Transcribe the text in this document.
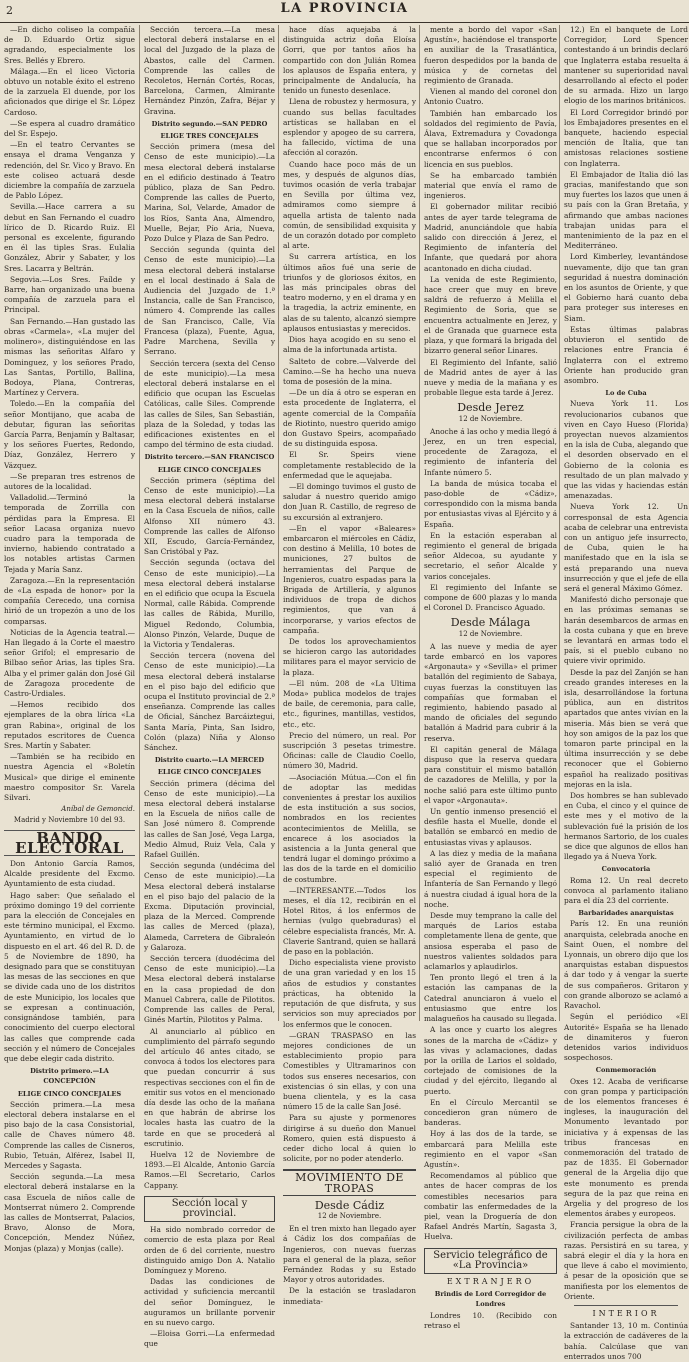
2	LA PROVINCIA

—En dicho coliseo la compañía de D. Eduardo Ortiz sigue agradando, especialmente los Sres. Bellés y Ebrero.

Málaga.—En el liceo Victoria obtuvo un notable éxito el estreno de la zarzuela El duende, por los aficionados que dirige el Sr. López Cardoso.

—Se espera al cuadro dramático del Sr. Espejo.

—En el teatro Cervantes se ensaya el drama Venganza y redención, del Sr. Vico y Bravo. En este coliseo actuará desde diciembre la compañía de zarzuela de Pablo López.

Sevilla.—Hace carrera a su debut en San Fernando el cuadro lírico de D. Ricardo Ruiz. El personal es excelente, figurando en él las tiples Sras. Eulalia González, Abrir y Sabater, y los Sres. Lacarra y Beltrán.

Segovia.—Los Sres. Faílde y Barre, han organizado una buena compañía de zarzuela para el Principal.

San Fernando.—Han gustado las obras «Carmela», «La mujer del molinero», distinguiéndose en las mismas las señoritas Alfaro y Dominguez, y los señores Prado, Las Santas, Portillo, Ballina, Bodoya, Plana, Contreras, Martínez y Cervera.

Toledo.—En la compañía del señor Montijano, que acaba de debutar, figuran las señoritas García Parra, Benjamín y Baltasar, y los señores Fuertes, Redondo, Díaz, González, Herrero y Vázquez.

—Se preparan tres estrenos de autores de la localidad.

Valladolid.—Terminó la temporada de Zorrilla con pérdidas para la Empresa. El señor Lacasa organiza nuevo cuadro para la temporada de invierno, habiendo contratado a los notables artistas Carmen Tejada y María Sanz.

Zaragoza.—En la representación de «La espada de honor» por la compañía Cerecedo, una cornisa hirió de un tropezón a uno de los comparsas.

Noticias de la Agencia teatral.—Han llegado á la Corte el maestro señor Grifol; el empresario de Bilbao señor Arias, las tiples Sra. Alba y el primer galán don José Gil de Zaragoza procedente de Castro-Urdiales.

—Hemos recibido dos ejemplares de la obra lírica «La gran Rabina», original de los reputados escritores de Cuenca Sres. Martín y Sabater.

—También se ha recibido en nuestra Agencia el «Boletín Musical» que dirige el eminente maestro compositor Sr. Varela Silvari.

Aníbal de Gemoncid.

Madrid y Noviembre 10 del 93.

BANDO ELECTORAL

Don Antonio García Ramos, Alcalde presidente del Excmo. Ayuntamiento de esta ciudad.

Hago saber: Que señalado el próximo domingo 19 del corriente para la elección de Concejales en este término municipal, el Excmo. Ayuntamiento, en virtud de lo dispuesto en el art. 46 del R. D. de 5 de Noviembre de 1890, ha designado para que se constituyan las mesas de las secciones en que se divide cada uno de los distritos de este Municipio, los locales que se expresan a continuación, consignándose también, para conocimiento del cuerpo electoral las calles que comprende cada sección y el número de Concejales que debe elegir cada distrito.

Distrito primero.—LA CONCEPCIÓN

ELIGE CINCO CONCEJALES

Sección primera.—La mesa electoral debera instalarse en el piso bajo de la casa Consistorial, calle de Chaves número 48. Comprende las calles de Cisneros, Rubio, Tetuán, Alférez, Isabel II, Mercedes y Sagasta.

Sección segunda.—La mesa electoral deberá instalarse en la casa Escuela de niños calle de Montserrat número 2. Comprende las calles de Montserrat, Palacios, Bravo, Alonso de Mora, Concepción, Mendez Núñez, Monjas (plaza) y Monjas (calle).

Sección tercera.—La mesa electoral deberá instalarse en el local del Juzgado de la plaza de Abastos, calle del Carmen. Comprende las calles de Recoletos, Hernán Cortés, Rocas, Barcelona, Carmen, Almirante Hernández Pinzón, Zafra, Béjar y Gravina.

Distrito segundo.—SAN PEDRO

ELIGE TRES CONCEJALES

Sección primera (mesa del Censo de este municipio).—La mesa electoral deberá instalarse en el edificio destinado á Teatro público, plaza de San Pedro. Comprende las calles de Puerto, Marina, Sol, Velarde, Amador de los Ríos, Santa Ana, Almendro, Muelle, Bejar, Pío Aria, Nueva, Pozo Dulce y Plaza de San Pedro.

Sección segunda (quinta del Censo de este municipio).—La mesa electoral deberá instalarse en el local destinado á Sala de Audiencia del Juzgado de 1.ª Instancia, calle de San Francisco, número 4. Comprende las calles de San Francisco, Calle, Vía Francesa (plaza), Fuente, Agua, Padre Marchena, Sevilla y Serrano.

Sección tercera (sexta del Censo de este municipio).—La mesa electoral deberá instalarse en el edificio que ocupan las Escuelas Católicas, calle Siles. Comprende las calles de Siles, San Sebastián, plaza de la Soledad, y todas las edificaciones existentes en el campo del término de esta ciudad.

Distrito tercero.—SAN FRANCISCO

ELIGE CINCO CONCEJALES

Sección primera (séptima del Censo de este municipio).—La mesa electoral deberá instalarse en la Casa Escuela de niños, calle Alfonso XII número 43. Comprende las calles de Alfonso XII, Escudo, García-Fernández, San Cristóbal y Paz.

Sección segunda (octava del Censo de este municipio).—La mesa electoral deberá instalarse en el edificio que ocupa la Escuela Normal, calle Rábida. Comprende las calles de Rábida, Murillo, Miguel Redondo, Columbia, Alonso Pinzón, Velarde, Duque de la Victoria y Tendaleras.

Sección tercera (novena del Censo de este municipio).—La mesa electoral deberá instalarse en el piso bajo del edificio que ocupa el Instituto provincial de 2.ª enseñanza. Comprende las calles de Oficial, Sánchez Barcáiztegui, Santa María, Pinta, San Isidro, Colón (plaza) Niña y Alonso Sánchez.

Distrito cuarto.—LA MERCED

ELIGE CINCO CONCEJALES

Sección primera (décima del Censo de este municipio).—La mesa electoral deberá instalarse en la Escuela de niños calle de San José número 8. Comprende las calles de San José, Vega Larga, Medio Almud, Ruiz Vela, Cala y Rafael Guillén.

Sección segunda (undécima del Censo de este municipio).—La Mesa electoral deberá instalarse en el piso bajo del palacio de la Excma. Diputación provincial, plaza de la Merced. Comprende las calles de Merced (plaza), Alameda, Carretera de Gibraleón y Galaroza.

Sección tercera (duodécima del Censo de este municipio).—La Mesa electoral deberá instalarse en la casa propiedad de don Manuel Cabrera, calle de Pilotitos. Comprende las calles de Peral, Ginés Martín, Pilotitos y Palma.

Al anunciarlo al público en cumplimiento del párrafo segundo del artículo 46 antes citado, se convoca á todos los electores para que puedan concurrir á sus respectivas secciones con el fin de emitir sus votos en el mencionado día desde las ocho de la mañana en que habrán de abrirse los locales hasta las cuatro de la tarde en que se procederá al escrutinio.

Huelva 12 de Noviembre de 1893.—El Alcalde, Antonio García Ramos.—El Secretario, Carlos Cappany.

Sección local y provincial.

Ha sido nombrado corredor de comercio de esta plaza por Real orden de 6 del corriente, nuestro distinguido amigo Don A. Natalio Domínguez y Moreno.

Dadas las condiciones de actividad y suficiencia mercantil del señor Domínguez, le auguramos un brillante porvenir en su nuevo cargo.

—Eloisa Gorri.—La enfermedad que

hace días aquejaba á la distinguida actriz doña Eloísa Gorri, que por tantos años ha compartido con don Julián Romea los aplausos de España entera, y principalmente de Andalucía, ha tenido un funesto desenlace.

Llena de robustez y hermosura, y cuando sus bellas facultades artísticas se hallaban en el esplendor y apogeo de su carrera, ha fallecido, víctima de una afección al corazón.

Cuando hace poco más de un mes, y después de algunos días, tuvimos ocasión de verla trabajar en Sevilla por última vez, admiramos como siempre á aquella artista de talento nada común, de sensibilidad exquisita y de un corazón dotado por completo al arte.

Su carrera artística, en los últimos años fué una serie de triunfos y de gloriosos éxitos, en las más principales obras del teatro moderno, y en el drama y en la tragedia, la actriz eminente, en alas de su talento, alcanzó siempre aplausos entusiastas y merecidos.

Dios haya acogido en su seno el alma de la infortunada artista.

Salteto de cobre.—Valverde del Camino.—Se ha hecho una nueva toma de posesión de la mina.

—De un día á otro se esperan en esta procedente de Inglaterra, el agente comercial de la Compañía de Riotinto, nuestro querido amigo don Gustavo Speirs, acompañado de su distinguida esposa.

El Sr. Speirs viene completamente restablecido de la enfermedad que le aquejaba.

—El domingo tuvimos el gusto de saludar á nuestro querido amigo don Juan R. Castillo, de regreso de su excursión al extranjero.

—En el vapor «Baleares» embarcaron el miércoles en Cádiz, con destino á Melilla, 10 botes de municiones, 27 bultos de herramientas del Parque de Ingenieros, cuatro espadas para la Brigada de Artillería, y algunos individuos de tropa de dichos regimientos, que van á incorporarse, y varios efectos de campaña.

De todos los aprovechamientos se hicieron cargo las autoridades militares para el mayor servicio de la plaza.

—El núm. 208 de «La Ultima Moda» publica modelos de trajes de baile, de ceremonia, para calle, etc., figurines, mantillas, vestidos, etc., etc.

Precio del número, un real. Por suscripción 3 pesetas trimestre. Oficinas: calle de Claudio Coello, número 30, Madrid.

—Asociación Mútua.—Con el fin de adoptar las medidas convenientes á prestar los auxilios de esta institución a sus socios, nombrados en los recientes acontecimientos de Melilla, se encarece á los asociados la asistencia a la Junta general que tendrá lugar el domingo próximo a las dos de la tarde en el domicilio de costumbre.

—INTERESANTE.—Todos los meses, el día 12, recibirán en el Hotel Ritos, á los enfermos de hernias (vulgo quebraduras) el célebre especialista francés, Mr. A. Claverie Santrand, quien se hallará de paso en la población.

Dicho especialista viene provisto de una gran variedad y en los 15 años de estudios y constantes prácticas, ha obtenido la reputación de que disfruta, y sus servicios son muy apreciados por los enfermos que le conocen.

—GRAN TRASPASO en las mejores condiciones de un establecimiento propio para Comestibles y Ultramarinos con todos sus enseres necesarios, con existencias ó sin ellas, y con una buena clientela, y es la casa número 15 de la calle San José.

Para su ajuste y pormenores dirigirse á su dueño don Manuel Romero, quien está dispuesto á ceder dicho local á quien lo solicite, por no poder atenderlo.

MOVIMIENTO DE TROPAS

Desde Cádiz

12 de Noviembre.

En el tren mixto han llegado ayer á Cádiz los dos compañías de Ingenieros, con nuevas fuerzas para el general de la plaza, señor Fernández Rodas y su Estado Mayor y otros autoridades.

De la estación se trasladaron inmediata-

mente a bordo del vapor «San Agustín», haciéndose el transporte en auxiliar de la Trasatlántica, fueron despedidos por la banda de música y de cornetas del regimiento de Granada.

Vienen al mando del coronel don Antonio Cuatro.

También han embarcado los soldados del regimiento de Pavía, Álava, Extremadura y Covadonga que se hallaban incorporados por encontrarse enfermos ó con licencia en sus pueblos.

Se ha embarcado también material que envía el ramo de ingenieros.

El gobernador militar recibió antes de ayer tarde telegrama de Madrid, anunciándole que había salido con dirección á Jerez, el Regimiento de infantería del Infante, que quedará por ahora acantonado en dicha ciudad.

La venida de este Regimiento, hace creer que muy en breve saldrá de refuerzo á Melilla el Regimiento de Soria, que se encuentra actualmente en Jerez, y el de Granada que guarnece esta plaza, y que formará la brigada del bizarro general señor Linares.

El Regimiento del Infante, salió de Madrid antes de ayer á las nueve y media de la mañana y es probable llegue esta tarde á Jerez.

Desde Jerez

12 de Noviembre.

Anoche á las ocho y media llegó á Jerez, en un tren especial, procedente de Zaragoza, el regimiento de infantería del Infante número 5.

La banda de música tocaba el paso-doble de «Cádiz», correspondido con la misma banda por entusiastas vivas al Ejército y á España.

En la estación esperaban al regimiento el general de brigada señor Aldecoa, su ayudante y secretario, el señor Alcalde y varios concejales.

El regimiento del Infante se compone de 600 plazas y lo manda el Coronel D. Francisco Aguado.

Desde Málaga

12 de Noviembre.

A las nueve y media de ayer tarde embarcó en los vapores «Argonauta» y «Sevilla» el primer batallón del regimiento de Sabaya, cuyas fuerzas la constituyen las compañías que formaban el regimiento, habiendo pasado al mando de oficiales del segundo batallón á Madrid para cubrir á la reserva.

El capitán general de Málaga dispuso que la reserva quedara para constituir el mismo batallón de cazadores de Melilla, y por la noche salió para este último punto el vapor «Argonauta».

Un gentío inmenso presenció el desfile hasta el Muelle, donde el batallón se embarcó en medio de entusiastas vivas y aplausos.

A las diez y media de la mañana salió ayer de Granada en tren especial el regimiento de Infantería de San Fernando y llegó á nuestra ciudad á igual hora de la noche.

Desde muy temprano la calle del marqués de Larios estaba completamente llena de gente, que ansiosa esperaba el paso de nuestros valientes soldados para aclamarlos y aplaudirlos.

Ten pronto llegó el tren á la estación las campanas de la Catedral anunciaron á vuelo el entusiasmo que entre los malagueños ha causado su llegada.

A las once y cuarto los alegres sones de la marcha de «Cádiz» y las vivas y aclamaciones, dadas por la orilla de Larios el soldado, cortejado de comisiones de la ciudad y del ejército, llegando al puerto.

En el Círculo Mercantil se concedieron gran número de banderas.

Hoy á las dos de la tarde, se embarcará para Melilla este regimiento en el vapor «San Agustín».

Recomendamos al público que antes de hacer compras de los comestibles necesarios para combatir las enfermedades de la piel, vean la Droguería de don Rafael Andrés Martín, Sagasta 3, Huelva.

Servicio telegráfico de «La Provincia»

EXTRANJERO

Brindis de Lord Corregidor de Londres

Londres 10. (Recibido con retraso el

12.) En el banquete de Lord Corregidor, Lord Spencer contestando á un brindis declaró que Inglaterra estaba resuelta á mantener su superioridad naval desarrollando al efecto el poder de su armada. Hizo un largo elogio de los marinos británicos.

El Lord Corregidor brindó por los Embajadores presentes en el banquete, haciendo especial mención de Italia, que tan amistosas relaciones sostiene con Inglaterra.

El Embajador de Italia dió las gracias, manifestando que son muy fuertes los lazos que unen á su país con la Gran Bretaña, y afirmando que ambas naciones trabajan unidas para el mantenimiento de la paz en el Mediterráneo.

Lord Kimberley, levantándose nuevamente, dijo que tan gran seguridad á nuestra dominación en los asuntos de Oriente, y que el Gobierno hará cuanto deba para proteger sus intereses en Siam.

Estas últimas palabras obtuvieron el sentido de relaciones entre Francia é Inglaterra con el extremo Oriente han producido gran asombro.

Lo de Cuba

Nueva York 11. Los revolucionarios cubanos que viven en Cayo Hueso (Florida) proyectan nuevos alzamientos en la isla de Cuba, alegando que el desorden observado en el Gobierno de la colonia es resultado de un plan malvado y que las vidas y haciendas están amenazadas.

Nueva York 12. Un corresponsal de esta Agencia acaba de celebrar una entrevista con un antiguo jefe insurrecto, de Cuba, quien le ha manifestado que en la isla se está preparando una nueva insurrección y que el jefe de ella será el general Máximo Gómez.

Manifestó dicho personaje que en las próximas semanas se harán desembarcos de armas en la costa cubana y que en breve se levantará en armas todo el país, si el pueblo cubano no quiere vivir oprimido.

Desde la paz del Zanjón se han creado grandes intereses en la isla, desarrollándose la fortuna pública, aun en distritos apartados que antes vivían en la miseria. Más bien se verá que hoy son amigos de la paz los que tomaron parte principal en la última insurrección y se debe reconocer que el Gobierno español ha realizado positivas mejoras en la isla.

Dos hombres se han sublevado en Cuba, el cinco y el quince de este mes y el motivo de la sublevación fué la prisión de los hermanos Sartorio, de los cuales se dice que algunos de ellos han llegado ya á Nueva York.

Convocatoria

Roma 12. Un real decreto convoca al parlamento italiano para el día 23 del corriente.

Barbaridades anarquistas

París 12. En una reunión anarquista, celebrada anoche en Saint Ouen, el nombre del Lyonnais, un obrero dijo que los anarquistas estaban dispuestos á dar todo y á vengar la suerte de sus compañeros. Gritaron y con grande alborozo se aclamó a Ravachol.

Según el periódico «El Autorité» España se ha llenado de dinamiteros y fueron detenidos varios individuos sospechosos.

Conmemoración

Oxes 12. Acaba de verificarse con gran pompa y participación de los elementos franceses é ingleses, la inauguración del Monumento levantado por iniciativa y á expensas de las tribus francesas en conmemoración del tratado de paz de 1835. El Gobernador general de la Argelia dijo que este monumento es prenda segura de la paz que reina en Argelia y del progreso de los elementos árabes y europeos.

Francia persigue la obra de la civilización perfecta de ambas razas. Persistirá en su tarea, y sabrá elegir el día y la hora en que lleve á cabo el movimiento, á pesar de la oposición que se manifiesta por los elementos de Oriente.

INTERIOR

Santander 13, 10 m. Continúa la extracción de cadáveres de la bahía. Calcúlase que van enterrados unos 700
